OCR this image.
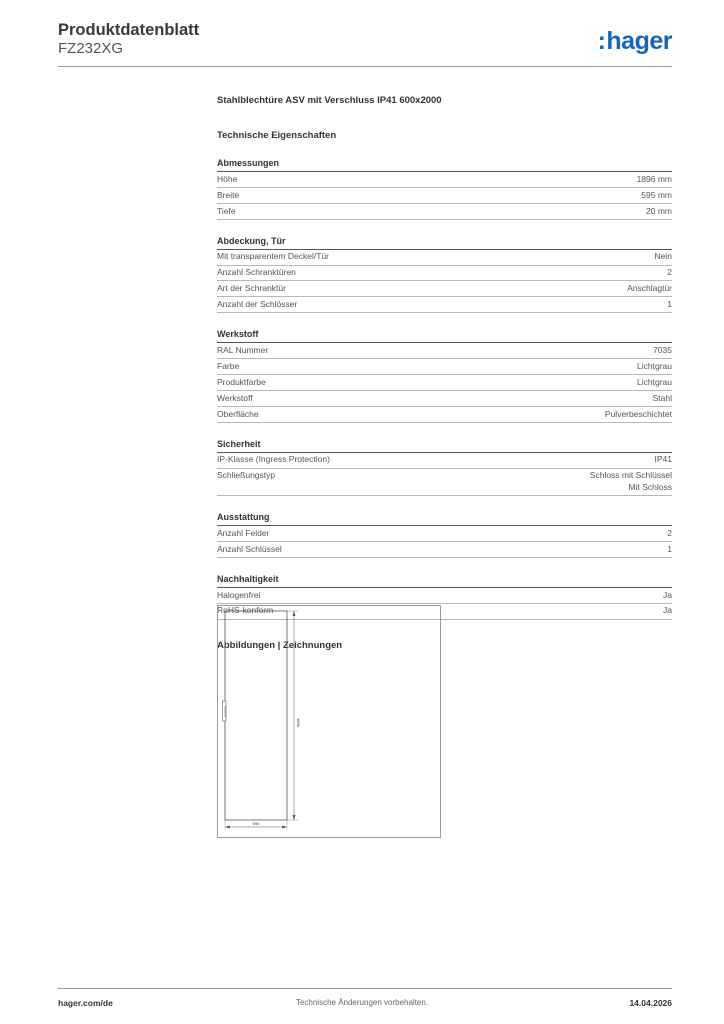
Produktdatenblatt
FZ232XG	:hager
Stahlblechtüre ASV mit Verschluss IP41 600x2000
Technische Eigenschaften
Abmessungen
Höhe	1896 mm
Breite	595 mm
Tiefe	20 mm
Abdeckung, Tür
Mit transparentem Deckel/Tür	Nein
Anzahl Schranktüren	2
Art der Schranktür	Anschlagtür
Anzahl der Schlösser	1
Werkstoff
RAL Nummer	7035
Farbe	Lichtgrau
Produktfarbe	Lichtgrau
Werkstoff	Stahl
Oberfläche	Pulverbeschichtet
Sicherheit
IP-Klasse (Ingress Protection)	IP41
Schließungstyp	Schloss mit Schlüssel
Mit Schloss
Ausstattung
Anzahl Felder	2
Anzahl Schlüssel	1
Nachhaltigkeit
Halogenfrei	Ja
RoHS-konform	Ja
Abbildungen | Zeichnungen
1896
595
hager.com/de	Technische Änderungen vorbehalten.	14.04.2026
